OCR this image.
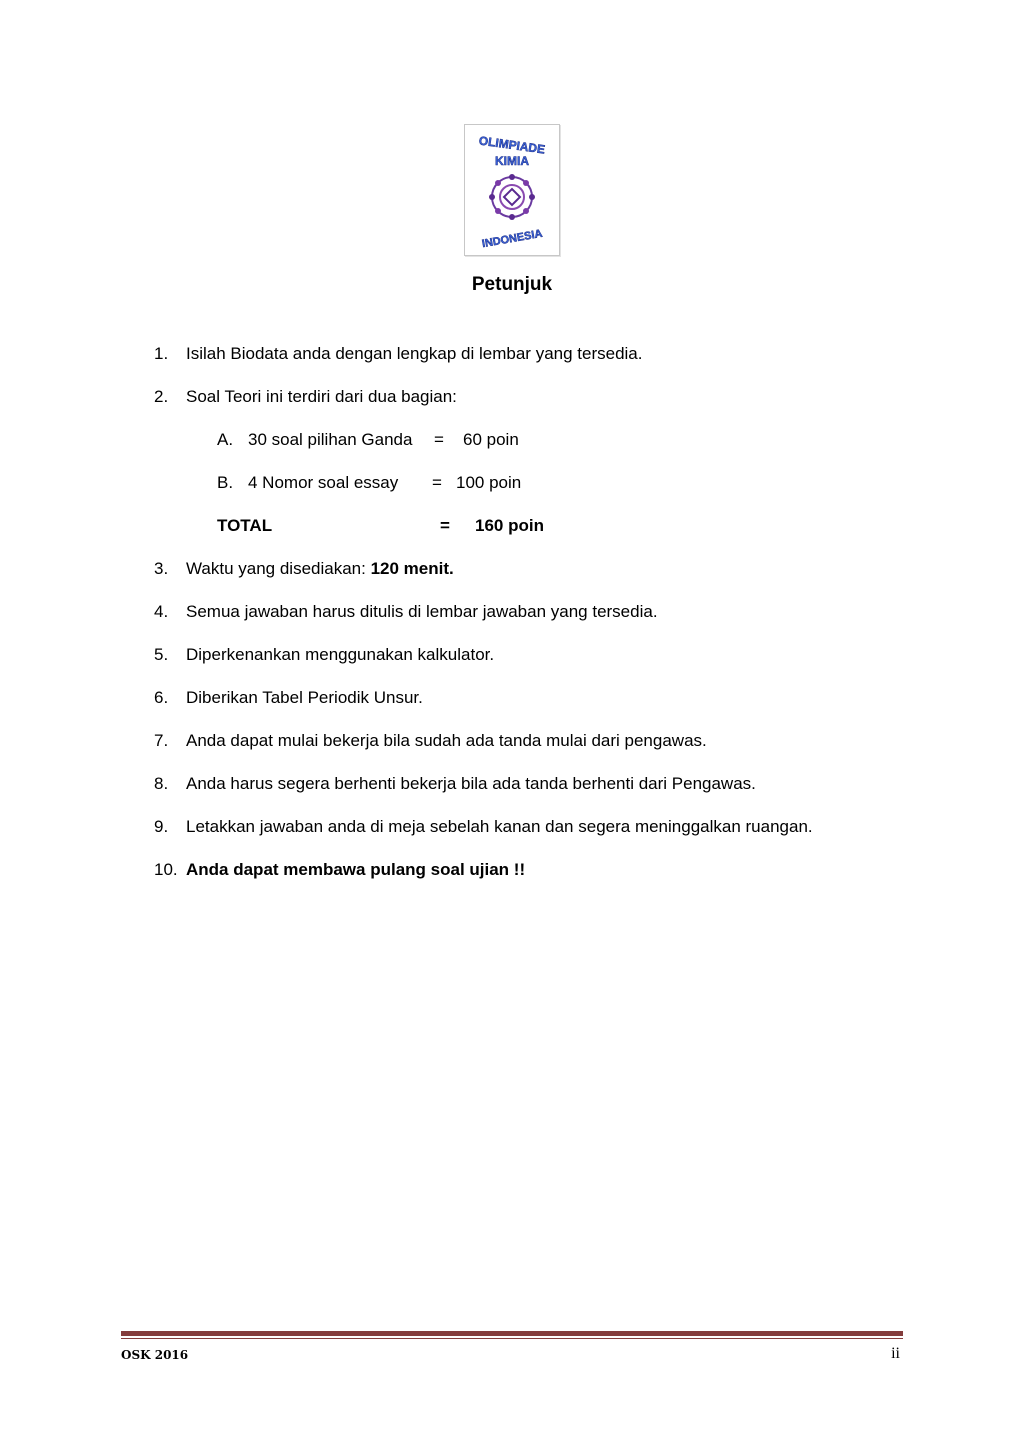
OLIMPIADE
KIMIA
INDONESIA
Petunjuk
1. Isilah Biodata anda dengan lengkap di lembar yang tersedia.
2. Soal Teori ini terdiri dari dua bagian:
A. 30 soal pilihan Ganda = 60 poin
B. 4 Nomor soal essay = 100 poin
TOTAL	= 160 poin
3. Waktu yang disediakan: 120 menit.
4. Semua jawaban harus ditulis di lembar jawaban yang tersedia.
5. Diperkenankan menggunakan kalkulator.
6. Diberikan Tabel Periodik Unsur.
7. Anda dapat mulai bekerja bila sudah ada tanda mulai dari pengawas.
8. Anda harus segera berhenti bekerja bila ada tanda berhenti dari Pengawas.
9. Letakkan jawaban anda di meja sebelah kanan dan segera meninggalkan ruangan.
10. Anda dapat membawa pulang soal ujian !!
OSK 2016	ii
